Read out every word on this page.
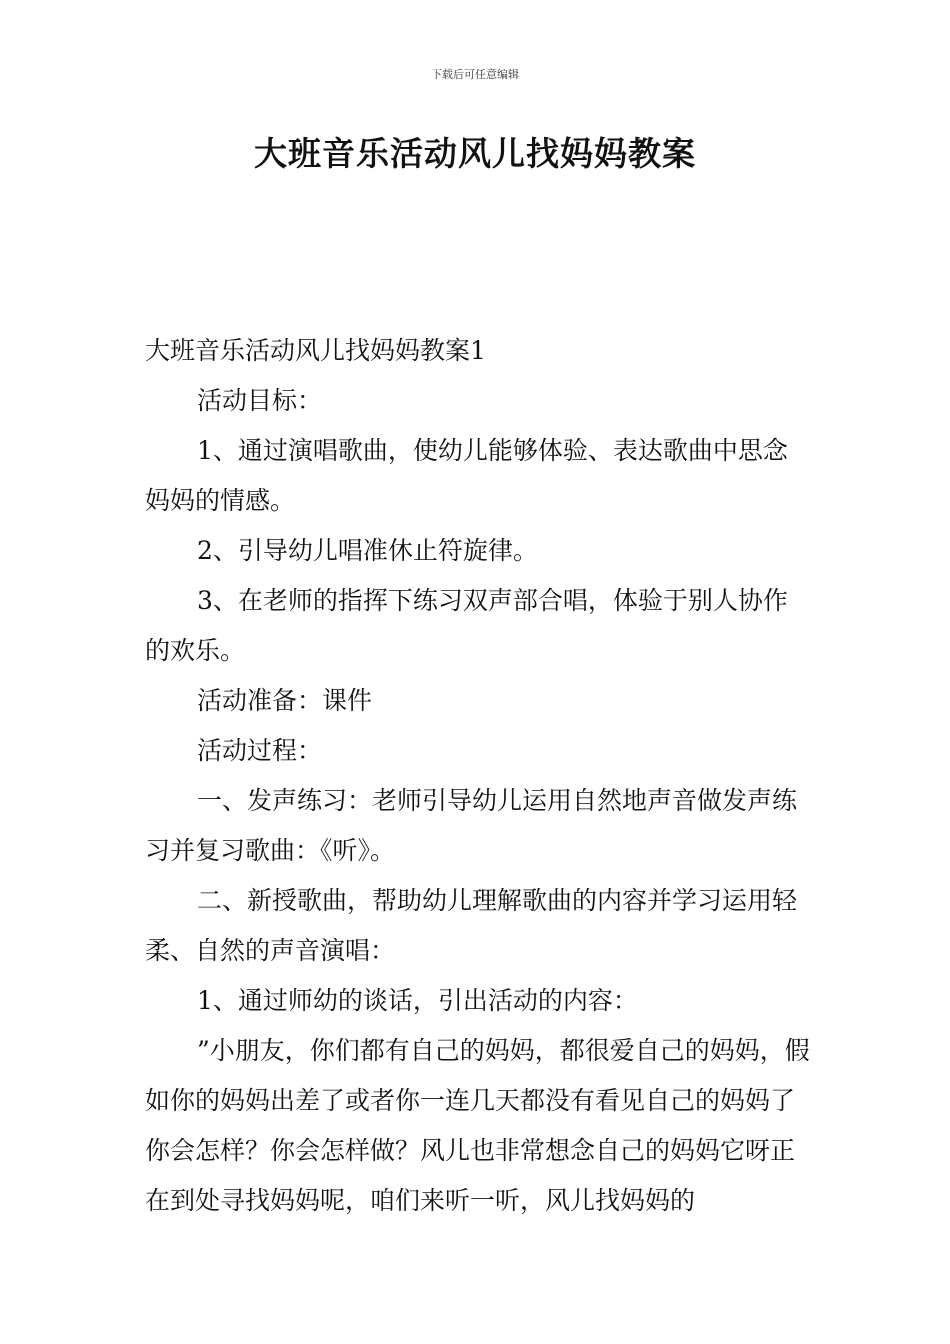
下载后可任意编辑
大班音乐活动风儿找妈妈教案

大班音乐活动风儿找妈妈教案1

活动目标：

1、通过演唱歌曲，使幼儿能够体验、表达歌曲中思念妈妈的情感。

2、引导幼儿唱准休止符旋律。

3、在老师的指挥下练习双声部合唱，体验于别人协作的欢乐。

活动准备：课件

活动过程：

一、发声练习：老师引导幼儿运用自然地声音做发声练习并复习歌曲：《听》。

二、新授歌曲，帮助幼儿理解歌曲的内容并学习运用轻柔、自然的声音演唱：

1、通过师幼的谈话，引出活动的内容：

”小朋友，你们都有自己的妈妈，都很爱自己的妈妈，假如你的妈妈出差了或者你一连几天都没有看见自己的妈妈了你会怎样？你会怎样做？风儿也非常想念自己的妈妈它呀正在到处寻找妈妈呢，咱们来听一听，风儿找妈妈的
